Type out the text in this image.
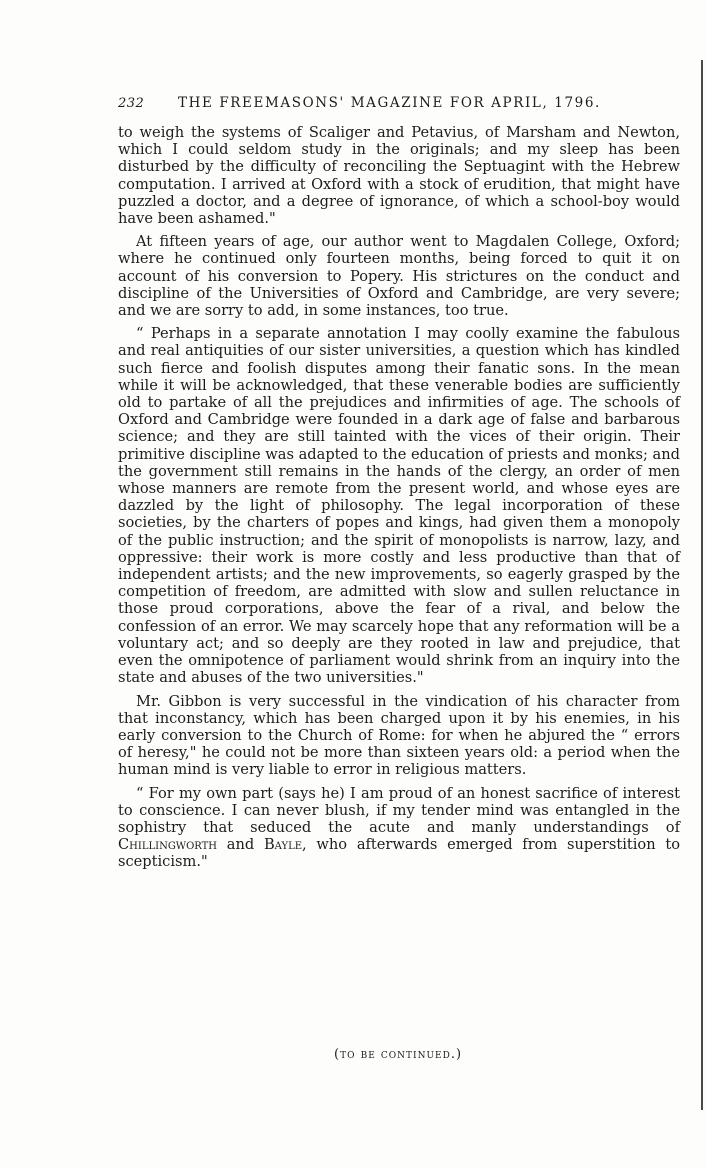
232 THE FREEMASONS' MAGAZINE FOR APRIL, 1796.

to weigh the systems of Scaliger and Petavius, of Marsham and Newton, which I could seldom study in the originals; and my sleep has been disturbed by the difficulty of reconciling the Septuagint with the Hebrew computation. I arrived at Oxford with a stock of erudition, that might have puzzled a doctor, and a degree of ignorance, of which a school-boy would have been ashamed."

At fifteen years of age, our author went to Magdalen College, Oxford; where he continued only fourteen months, being forced to quit it on account of his conversion to Popery. His strictures on the conduct and discipline of the Universities of Oxford and Cambridge, are very severe; and we are sorry to add, in some instances, too true.

“ Perhaps in a separate annotation I may coolly examine the fabulous and real antiquities of our sister universities, a question which has kindled such fierce and foolish disputes among their fanatic sons. In the mean while it will be acknowledged, that these venerable bodies are sufficiently old to partake of all the prejudices and infirmities of age. The schools of Oxford and Cambridge were founded in a dark age of false and barbarous science; and they are still tainted with the vices of their origin. Their primitive discipline was adapted to the education of priests and monks; and the government still remains in the hands of the clergy, an order of men whose manners are remote from the present world, and whose eyes are dazzled by the light of philosophy. The legal incorporation of these societies, by the charters of popes and kings, had given them a monopoly of the public instruction; and the spirit of monopolists is narrow, lazy, and oppressive: their work is more costly and less productive than that of independent artists; and the new improvements, so eagerly grasped by the competition of freedom, are admitted with slow and sullen reluctance in those proud corporations, above the fear of a rival, and below the confession of an error. We may scarcely hope that any reformation will be a voluntary act; and so deeply are they rooted in law and prejudice, that even the omnipotence of parliament would shrink from an inquiry into the state and abuses of the two universities."

Mr. Gibbon is very successful in the vindication of his character from that inconstancy, which has been charged upon it by his enemies, in his early conversion to the Church of Rome: for when he abjured the “ errors of heresy," he could not be more than sixteen years old: a period when the human mind is very liable to error in religious matters.

“ For my own part (says he) I am proud of an honest sacrifice of interest to conscience. I can never blush, if my tender mind was entangled in the sophistry that seduced the acute and manly understandings of Chillingworth and Bayle, who afterwards emerged from superstition to scepticism."

(to be continued.)
